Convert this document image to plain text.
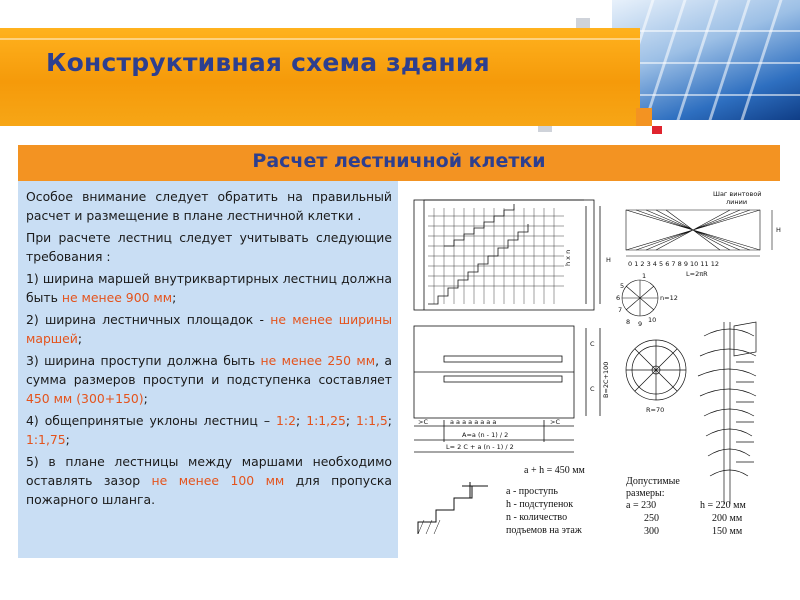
Конструктивная схема здания
Расчет лестничной клетки

Особое внимание следует обратить на правильный расчет и размещение в плане лестничной клетки .

При расчете лестниц следует учитывать следующие требования :

1) ширина маршей внутриквартирных лестниц должна быть не менее 900 мм;

2) ширина лестничных площадок - не менее ширины маршей;

3) ширина проступи должна быть не менее 250 мм, а сумма размеров проступи и подступенка составляет 450 мм (300+150);

4) общепринятые уклоны лестниц – 1:2; 1:1,25; 1:1,5; 1:1,75;

5) в плане лестницы между маршами необходимо оставлять зазор не менее 100 мм для пропуска пожарного шланга.

h x n	H
C
C B=2C+100
>C	>C
a a a a a a a a
A=a (n - 1) / 2
L= 2 C + a (n - 1) / 2
Шаг винтовой
линии
H
0 1 2 3 4 5 6 7 8 9 10 11 12
L=2πR
5
6
7
8 9 10
1
n=12
R=70
a + h = 450 мм
a - проступь
h - подступенок
n - количество
подъемов на этаж
Допустимые
размеры:
a = 230	h = 220 мм
250	200 мм
300	150 мм
